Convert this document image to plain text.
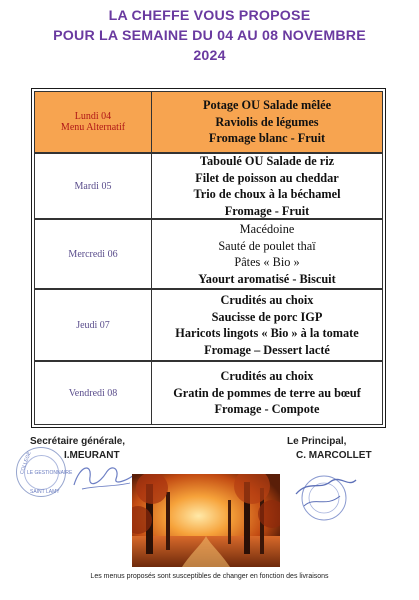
LA CHEFFE VOUS PROPOSE
POUR LA SEMAINE DU 04 AU 08 NOVEMBRE
2024
Lundi 04
Menu Alternatif
Potage OU Salade mêlée
Raviolis de légumes
Fromage blanc - Fruit
Mardi 05
Taboulé OU Salade de riz
Filet de poisson au cheddar
Trio de choux à la béchamel
Fromage - Fruit
Mercredi 06
Macédoine
Sauté de poulet thaï
Pâtes « Bio »
Yaourt aromatisé - Biscuit
Jeudi 07
Crudités au choix
Saucisse de porc IGP
Haricots lingots « Bio » à la tomate
Fromage – Dessert lacté
Vendredi 08
Crudités au choix
Gratin de pommes de terre au bœuf
Fromage - Compote
Secrétaire générale,
I.MEURANT
Le Principal,
C. MARCOLLET
COLLEGE
LE GESTIONNAIRE
SAINT LAMY
Les menus proposés sont susceptibles de changer en fonction des livraisons
